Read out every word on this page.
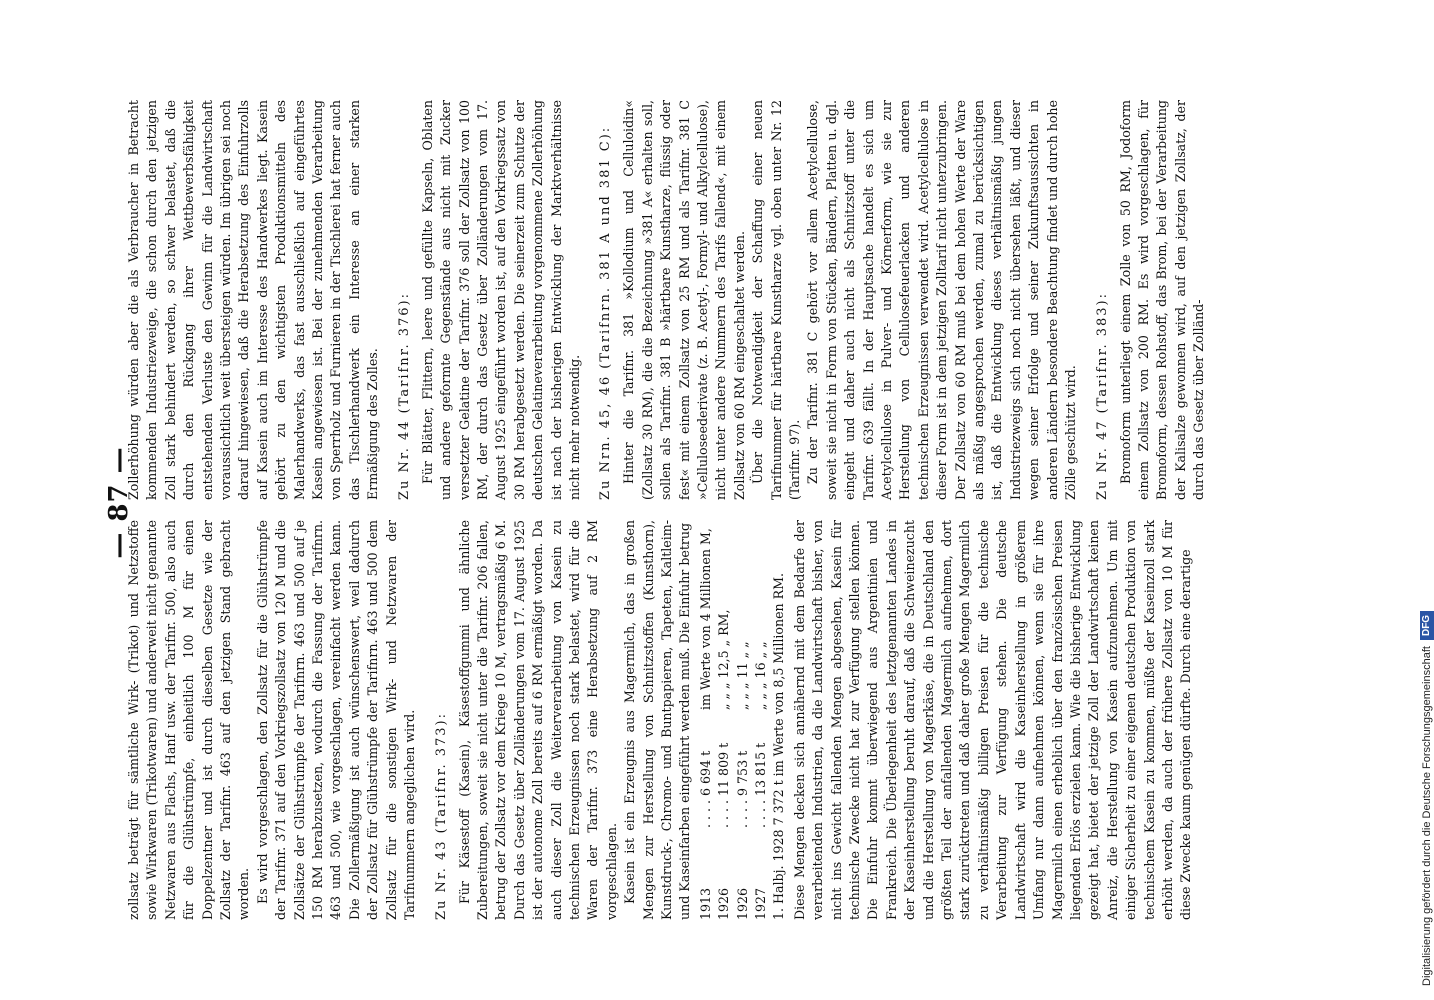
— 87 —

zollsatz beträgt für sämtliche Wirk- (Trikot) und Netzstoffe sowie Wirkwaren (Trikotwaren) und anderweit nicht genannte Netzwaren aus Flachs, Hanf usw. der Tarifnr. 500, also auch für die Glühstrümpfe, einheitlich 100 M für einen Doppelzentner und ist durch dieselben Gesetze wie der Zollsatz der Tarifnr. 463 auf den jetzigen Stand gebracht worden. Es wird vorgeschlagen, den Zollsatz für die Glühstrümpfe der Tarifnr. 371 auf den Vorkriegszollsatz von 120 M und die Zollsätze der Glühstrümpfe der Tarifnrn. 463 und 500 auf je 150 RM herabzusetzen, wodurch die Fassung der Tarifnrn. 463 und 500, wie vorgeschlagen, vereinfacht werden kann. Die Zollermäßigung ist auch wünschenswert, weil dadurch der Zollsatz für Glühstrümpfe der Tarifnrn. 463 und 500 dem Zollsatz für die sonstigen Wirk- und Netzwaren der Tarifnummern angeglichen wird. Zu Nr. 43 (Tarifnr. 373): Für Käsestoff (Kasein), Käsestoffgummi und ähnliche Zubereitungen, soweit sie nicht unter die Tarifnr. 206 fallen, betrug der Zollsatz vor dem Kriege 10 M, vertragsmäßig 6 M. Durch das Gesetz über Zolländerungen vom 17. August 1925 ist der autonome Zoll bereits auf 6 RM ermäßigt worden. Da auch dieser Zoll die Weiterverarbeitung von Kasein zu technischen Erzeugnissen noch stark belastet, wird für die Waren der Tarifnr. 373 eine Herabsetzung auf 2 RM vorgeschlagen. Kasein ist ein Erzeugnis aus Magermilch, das in großen Mengen zur Herstellung von Schnitzstoffen (Kunsthorn), Kunstdruck-, Chromo- und Buntpapieren, Tapeten, Kaltleim- und Kaseinfarben eingeführt werden muß. Die Einfuhr betrug 1913
. . . . 6 694 t
im Werte von 4 Millionen M,
1926
. . . . 11 809 t
„ „ „ 12,5 „ RM,
1926
. . . . 9 753 t
„ „ „ 11 „ „
1927
. . . . 13 815 t
„ „ „ 16 „ „ 1. Halbj. 1928 7 372 t im Werte von 8,5 Millionen RM. Diese Mengen decken sich annähernd mit dem Bedarfe der verarbeitenden Industrien, da die Landwirtschaft bisher, von nicht ins Gewicht fallenden Mengen abgesehen, Kasein für technische Zwecke nicht hat zur Verfügung stellen können. Die Einfuhr kommt überwiegend aus Argentinien und Frankreich. Die Überlegenheit des letztgenannten Landes in der Kaseinherstellung beruht darauf, daß die Schweinezucht und die Herstellung von Magerkäse, die in Deutschland den größten Teil der anfallenden Magermilch aufnehmen, dort stark zurücktreten und daß daher große Mengen Magermilch zu verhältnismäßig billigen Preisen für die technische Verarbeitung zur Verfügung stehen. Die deutsche Landwirtschaft wird die Kaseinherstellung in größerem Umfang nur dann aufnehmen können, wenn sie für ihre Magermilch einen erheblich über den französischen Preisen liegenden Erlös erzielen kann. Wie die bisherige Entwicklung gezeigt hat, bietet der jetzige Zoll der Landwirtschaft keinen Anreiz, die Herstellung von Kasein aufzunehmen. Um mit einiger Sicherheit zu einer eigenen deutschen Produktion von technischem Kasein zu kommen, müßte der Kaseinzoll stark erhöht werden, da auch der frühere Zollsatz von 10 M für diese Zwecke kaum genügen dürfte. Durch eine derartige

Zollerhöhung würden aber die als Verbraucher in Betracht kommenden Industriezweige, die schon durch den jetzigen Zoll stark behindert werden, so schwer belastet, daß die durch den Rückgang ihrer Wettbewerbsfähigkeit entstehenden Verluste den Gewinn für die Landwirtschaft voraussichtlich weit übersteigen würden. Im übrigen sei noch darauf hingewiesen, daß die Herabsetzung des Einfuhrzolls auf Kasein auch im Interesse des Handwerkes liegt. Kasein gehört zu den wichtigsten Produktionsmitteln des Malerhandwerks, das fast ausschließlich auf eingeführtes Kasein angewiesen ist. Bei der zunehmenden Verarbeitung von Sperrholz und Furnieren in der Tischlerei hat ferner auch das Tischlerhandwerk ein Interesse an einer starken Ermäßigung des Zolles. Zu Nr. 44 (Tarifnr. 376): Für Blätter, Flittern, leere und gefüllte Kapseln, Oblaten und andere geformte Gegenstände aus nicht mit Zucker versetzter Gelatine der Tarifnr. 376 soll der Zollsatz von 100 RM, der durch das Gesetz über Zolländerungen vom 17. August 1925 eingeführt worden ist, auf den Vorkriegssatz von 30 RM herabgesetzt werden. Die seinerzeit zum Schutze der deutschen Gelatineverarbeitung vorgenommene Zollerhöhung ist nach der bisherigen Entwicklung der Marktverhältnisse nicht mehr notwendig. Zu Nrn. 45, 46 (Tarifnrn. 381 A und 381 C): Hinter die Tarifnr. 381 »Kollodium und Celluloidin« (Zollsatz 30 RM), die die Bezeichnung »381 A« erhalten soll, sollen als Tarifnr. 381 B »härtbare Kunstharze, flüssig oder fest« mit einem Zollsatz von 25 RM und als Tarifnr. 381 C »Celluloseederivate (z. B. Acetyl-, Formyl- und Alkylcellulose), nicht unter andere Nummern des Tarifs fallend«, mit einem Zollsatz von 60 RM eingeschaltet werden. Über die Notwendigkeit der Schaffung einer neuen Tarifnummer für härtbare Kunstharze vgl. oben unter Nr. 12 (Tarifnr. 97). Zu der Tarifnr. 381 C gehört vor allem Acetylcellulose, soweit sie nicht in Form von Stücken, Bändern, Platten u. dgl. eingeht und daher auch nicht als Schnitzstoff unter die Tarifnr. 639 fällt. In der Hauptsache handelt es sich um Acetylcellulose in Pulver- und Körnerform, wie sie zur Herstellung von Cellulosefeuerlacken und anderen technischen Erzeugnissen verwendet wird. Acetylcellulose in dieser Form ist in dem jetzigen Zolltarif nicht unterzubringen. Der Zollsatz von 60 RM muß bei dem hohen Werte der Ware als mäßig angesprochen werden, zumal zu berücksichtigen ist, daß die Entwicklung dieses verhältnismäßig jungen Industriezweigs sich noch nicht übersehen läßt, und dieser wegen seiner Erfolge und seiner Zukunftsaussichten in anderen Ländern besondere Beachtung findet und durch hohe Zölle geschützt wird. Zu Nr. 47 (Tarifnr. 383): Bromoform unterliegt einem Zolle von 50 RM, Jodoform einem Zollsatz von 200 RM. Es wird vorgeschlagen, für Bromoform, dessen Rohstoff, das Brom, bei der Verarbeitung der Kalisalze gewonnen wird, auf den jetzigen Zollsatz, der durch das Gesetz über Zolländ-

Digitalisierung gefördert durch die Deutsche Forschungsgemeinschaft
DFG
